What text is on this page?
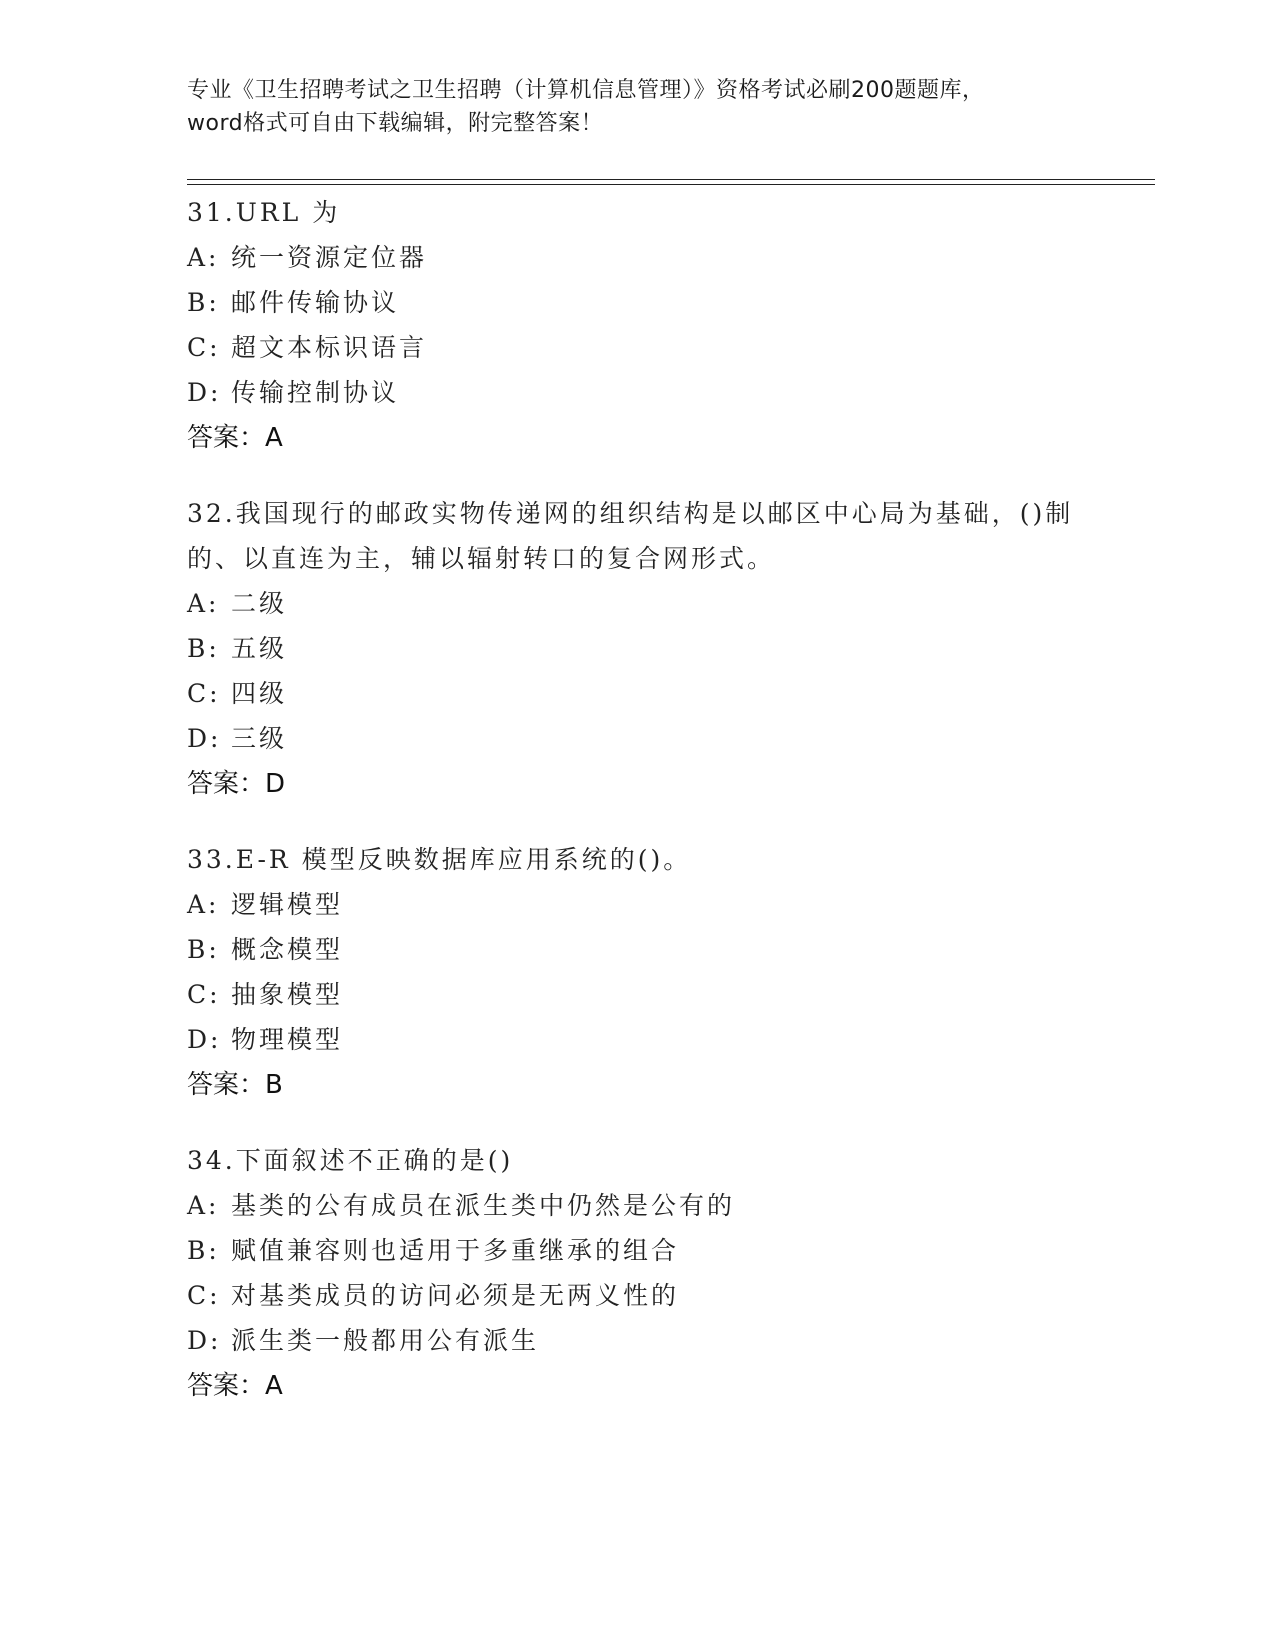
专业《卫生招聘考试之卫生招聘（计算机信息管理）》资格考试必刷200题题库，
word格式可自由下载编辑，附完整答案！
31.URL 为
A: 统一资源定位器
B: 邮件传输协议
C: 超文本标识语言
D: 传输控制协议
答案：A
32.我国现行的邮政实物传递网的组织结构是以邮区中心局为基础，()制的、以直连为主，辅以辐射转口的复合网形式。
A: 二级
B: 五级
C: 四级
D: 三级
答案：D
33.E-R 模型反映数据库应用系统的()。
A: 逻辑模型
B: 概念模型
C: 抽象模型
D: 物理模型
答案：B
34.下面叙述不正确的是()
A: 基类的公有成员在派生类中仍然是公有的
B: 赋值兼容则也适用于多重继承的组合
C: 对基类成员的访问必须是无两义性的
D: 派生类一般都用公有派生
答案：A
